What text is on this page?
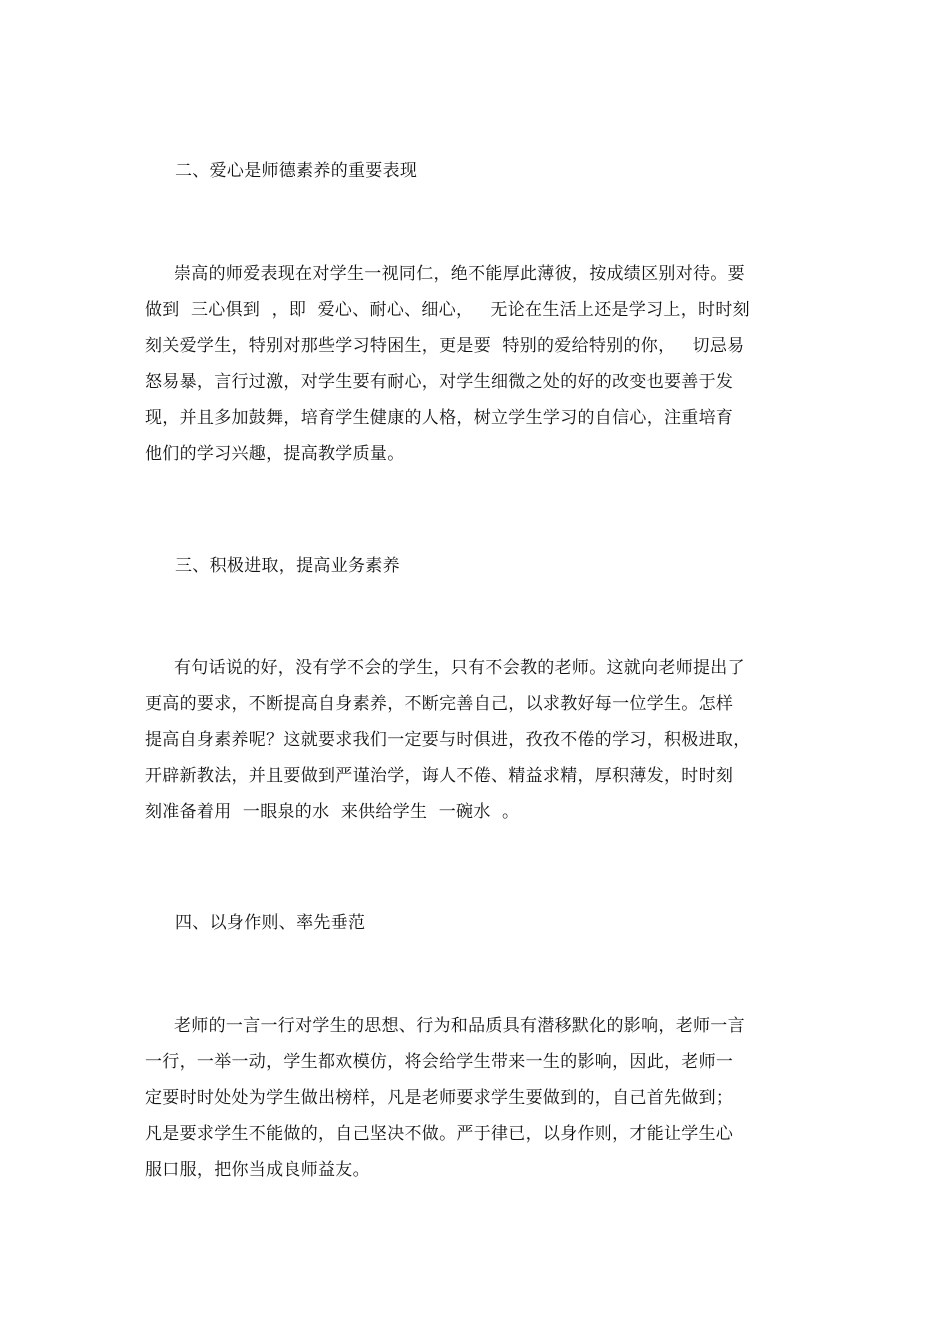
二、爱心是师德素养的重要表现
崇高的师爱表现在对学生一视同仁，绝不能厚此薄彼，按成绩区别对待。要
做到  三心俱到  ，即  爱心、耐心、细心，   无论在生活上还是学习上，时时刻
刻关爱学生，特别对那些学习特困生，更是要  特别的爱给特别的你，   切忌易
怒易暴，言行过激，对学生要有耐心，对学生细微之处的好的改变也要善于发
现，并且多加鼓舞，培育学生健康的人格，树立学生学习的自信心，注重培育
他们的学习兴趣，提高教学质量。
三、积极进取，提高业务素养
有句话说的好，没有学不会的学生，只有不会教的老师。这就向老师提出了
更高的要求，不断提高自身素养，不断完善自己，以求教好每一位学生。怎样
提高自身素养呢？这就要求我们一定要与时俱进，孜孜不倦的学习，积极进取，
开辟新教法，并且要做到严谨治学，诲人不倦、精益求精，厚积薄发，时时刻
刻准备着用  一眼泉的水  来供给学生  一碗水  。
四、以身作则、率先垂范
老师的一言一行对学生的思想、行为和品质具有潜移默化的影响，老师一言
一行，一举一动，学生都欢模仿，将会给学生带来一生的影响，因此，老师一
定要时时处处为学生做出榜样，凡是老师要求学生要做到的，自己首先做到；
凡是要求学生不能做的，自己坚决不做。严于律已，以身作则，才能让学生心
服口服，把你当成良师益友。
